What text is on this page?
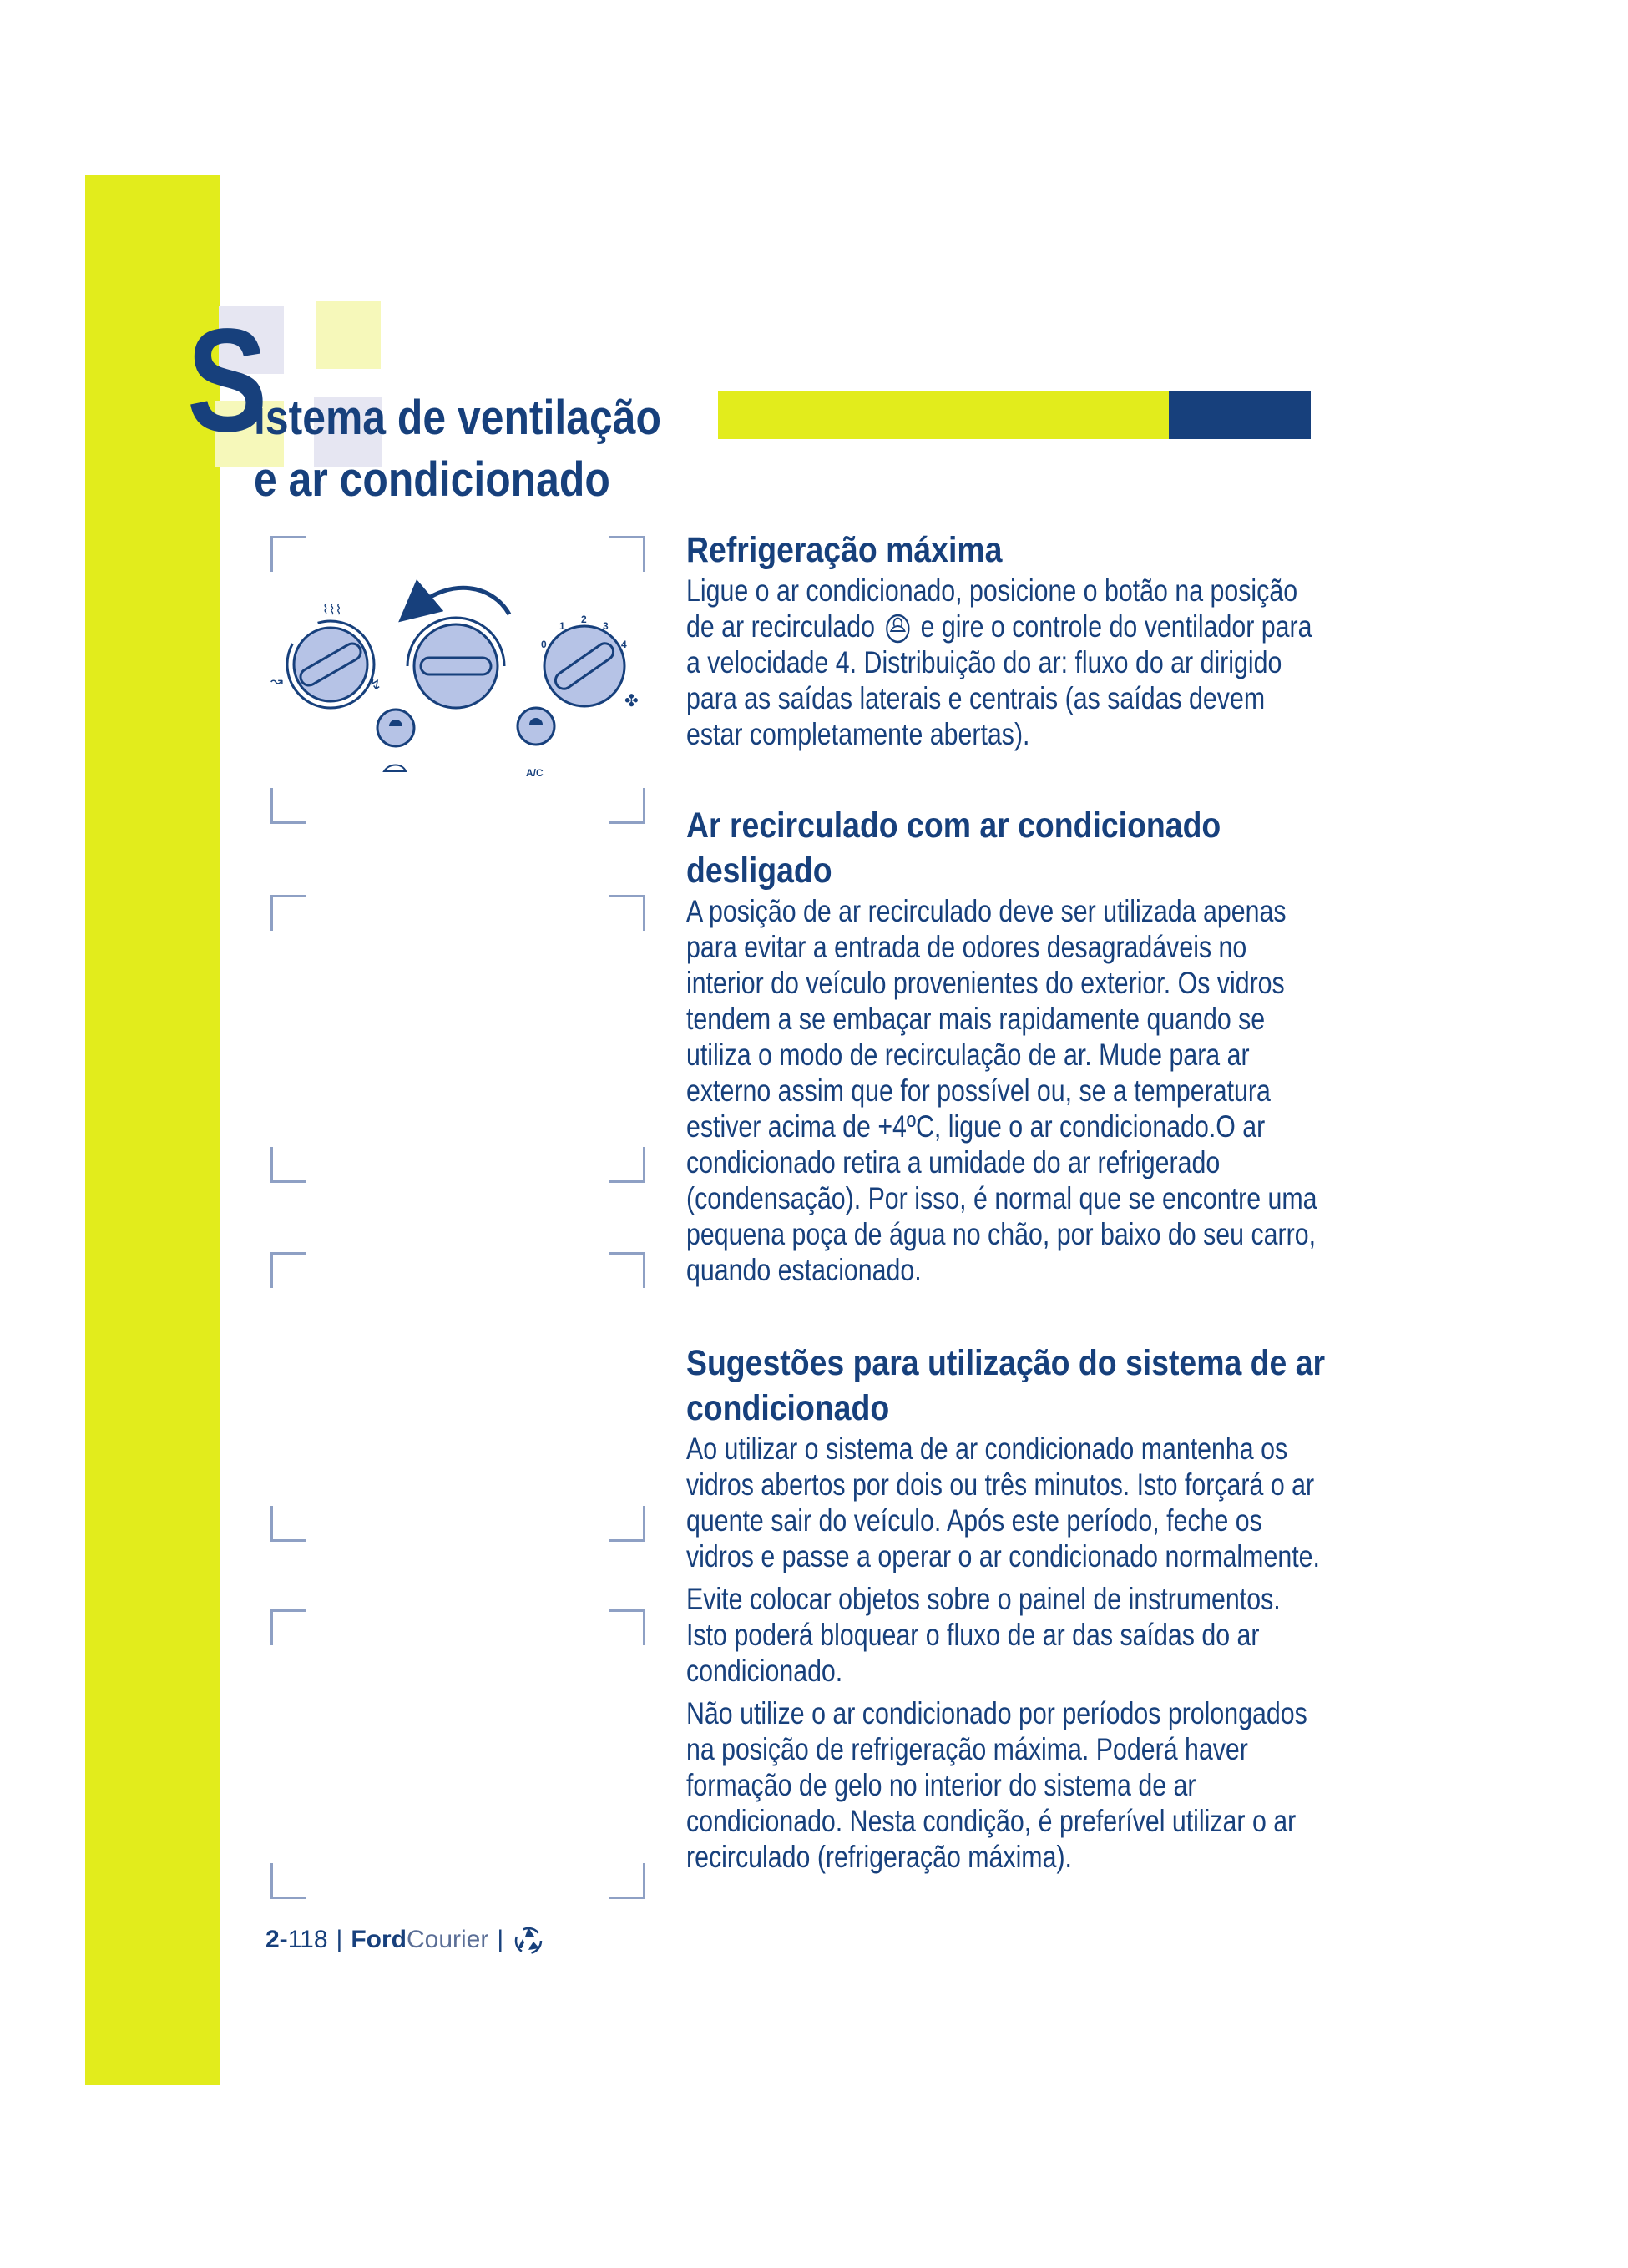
S
istema de ventilação
e ar condicionado
⌇⌇⌇
↝	↯
0
1
2
3
4
✤
A/C
Refrigeração máxima

Ligue o ar condicionado, posicione o botão na posição de ar recirculado e gire o controle do ventilador para a velocidade 4. Distribuição do ar: fluxo do ar dirigido para as saídas laterais e centrais (as saídas devem estar completamente abertas).

Ar recirculado com ar condicionado desligado

A posição de ar recirculado deve ser utilizada apenas para evitar a entrada de odores desagradáveis no interior do veículo provenientes do exterior. Os vidros tendem a se embaçar mais rapidamente quando se utiliza o modo de recirculação de ar. Mude para ar externo assim que for possível ou, se a temperatura estiver acima de +4ºC, ligue o ar condicionado.O ar condicionado retira a umidade do ar refrigerado (condensação). Por isso, é normal que se encontre uma pequena poça de água no chão, por baixo do seu carro, quando estacionado.

Sugestões para utilização do sistema de ar condicionado

Ao utilizar o sistema de ar condicionado mantenha os vidros abertos por dois ou três minutos. Isto forçará o ar quente sair do veículo. Após este período, feche os vidros e passe a operar o ar condicionado normalmente.

Evite colocar objetos sobre o painel de instrumentos. Isto poderá bloquear o fluxo de ar das saídas do ar condicionado.

Não utilize o ar condicionado por períodos prolongados na posição de refrigeração máxima. Poderá haver formação de gelo no interior do sistema de ar condicionado. Nesta condição, é preferível utilizar o ar recirculado (refrigeração máxima).

2- 118 | Ford Courier |
